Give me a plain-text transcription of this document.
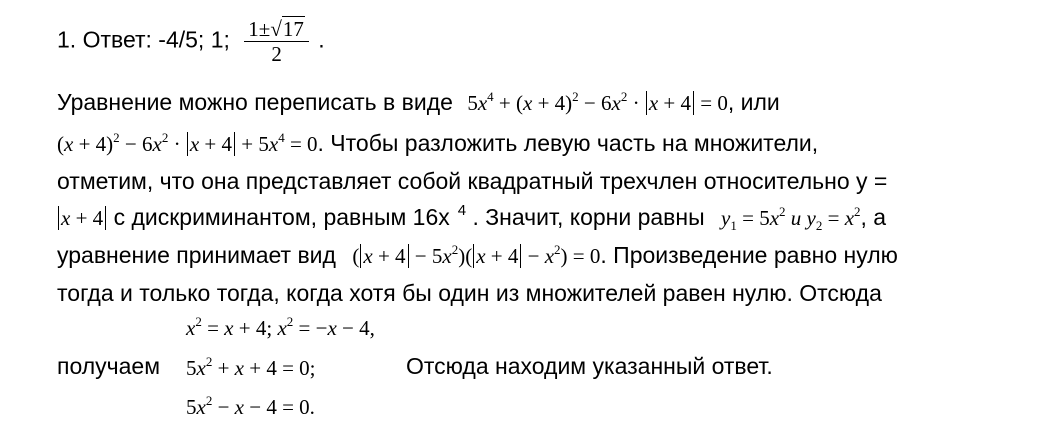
1. Ответ: -4/5; 1; $\frac{1\pm√17}{2}$ .
Уравнение можно переписать в виде $5x^4 + (x + 4)^2 - 6x^2 \cdot x + 4 = 0$, или
$(x + 4)^2 - 6x^2 \cdot x + 4 + 5x^4 = 0$. Чтобы разложить левую часть на множители,
отметим, что она представляет собой квадратный трехчлен относительно y =
x + 4 с дискриминантом, равным 16x $^4$ . Значит, корни равны $y_1 = 5x^2$ и $y_2 = x^2$, а
уравнение принимает вид ( $x + 4 - 5x^2$)( $x + 4 - x^2) = 0$. Произведение равно нулю
тогда и только тогда, когда хотя бы один из множителей равен нулю. Отсюда
$x^2 = x + 4$; $x^2 = -x - 4$,
получаем $5x^2 + x + 4 = 0$;	Отсюда находим указанный ответ.
$5x^2 - x - 4 = 0$.
